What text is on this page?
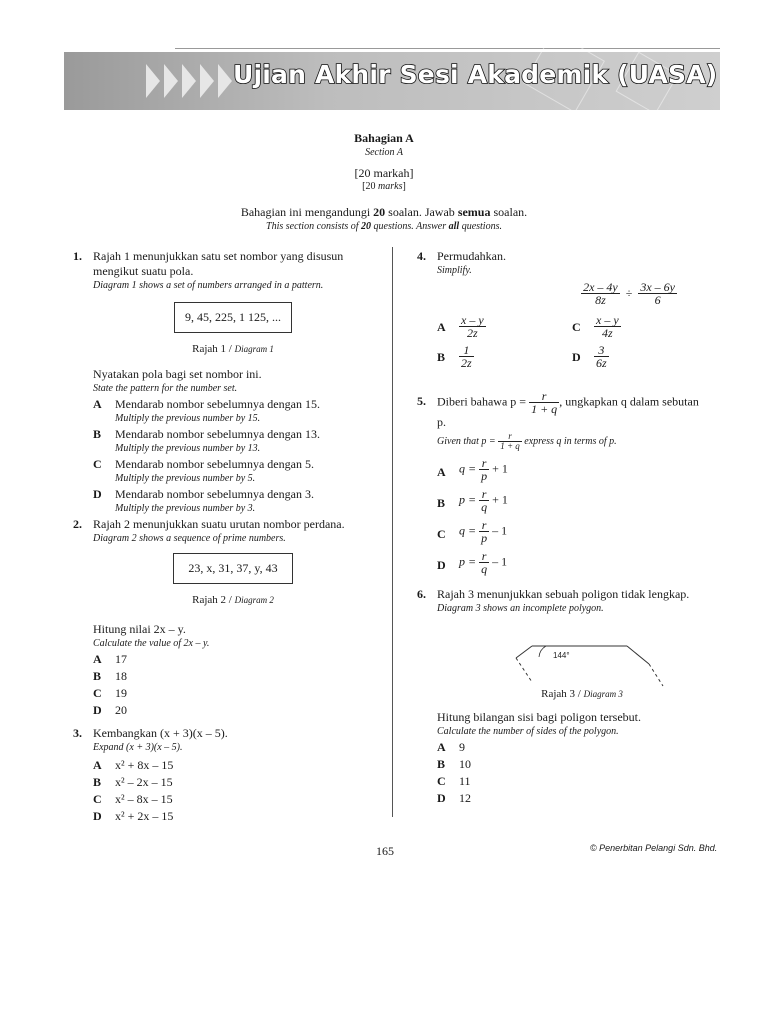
Ujian Akhir Sesi Akademik (UASA)
Bahagian A
Section A
[20 markah]
[20 marks]
Bahagian ini mengandungi 20 soalan. Jawab semua soalan.
This section consists of 20 questions. Answer all questions.
1. Rajah 1 menunjukkan satu set nombor yang disusun mengikut suatu pola.
Diagram 1 shows a set of numbers arranged in a pattern.
9, 45, 225, 1 125, ...
Rajah 1 / Diagram 1
Nyatakan pola bagi set nombor ini.
State the pattern for the number set.
A Mendarab nombor sebelumnya dengan 15.
Multiply the previous number by 15.
B Mendarab nombor sebelumnya dengan 13.
Multiply the previous number by 13.
C Mendarab nombor sebelumnya dengan 5.
Multiply the previous number by 5.
D Mendarab nombor sebelumnya dengan 3.
Multiply the previous number by 3.
2. Rajah 2 menunjukkan suatu urutan nombor perdana.
Diagram 2 shows a sequence of prime numbers.
23, x, 31, 37, y, 43
Rajah 2 / Diagram 2
Hitung nilai 2x – y.
Calculate the value of 2x – y.
A 17
B 18
C 19
D 20
3. Kembangkan (x + 3)(x – 5).
Expand (x + 3)(x – 5).
A x² + 8x – 15
B x² – 2x – 15
C x² – 8x – 15
D x² + 2x – 15
4. Permudahkan.
Simplify.
$\frac{2x - 4y}{8z} \div \frac{3x - 6y}{6}$
A $\frac{x - y}{2z}$
B $\frac{1}{2z}$
C $\frac{x - y}{4z}$
D $\frac{3}{6z}$
5. Diberi bahawa $p = \frac{r}{1 + q}$ , ungkapkan q dalam sebutan
p.
Given that $p = \frac{r}{1 + q}$ express q in terms of p.
A $q = \frac{r}{p} + 1$
B $p = \frac{r}{q} + 1$
C $q = \frac{r}{p} - 1$
D $p = \frac{r}{q} - 1$
6. Rajah 3 menunjukkan sebuah poligon tidak lengkap.
Diagram 3 shows an incomplete polygon.
144°
Rajah 3 / Diagram 3
Hitung bilangan sisi bagi poligon tersebut.
Calculate the number of sides of the polygon.
A 9
B 10
C 11
D 12
165	© Penerbitan Pelangi Sdn. Bhd.
